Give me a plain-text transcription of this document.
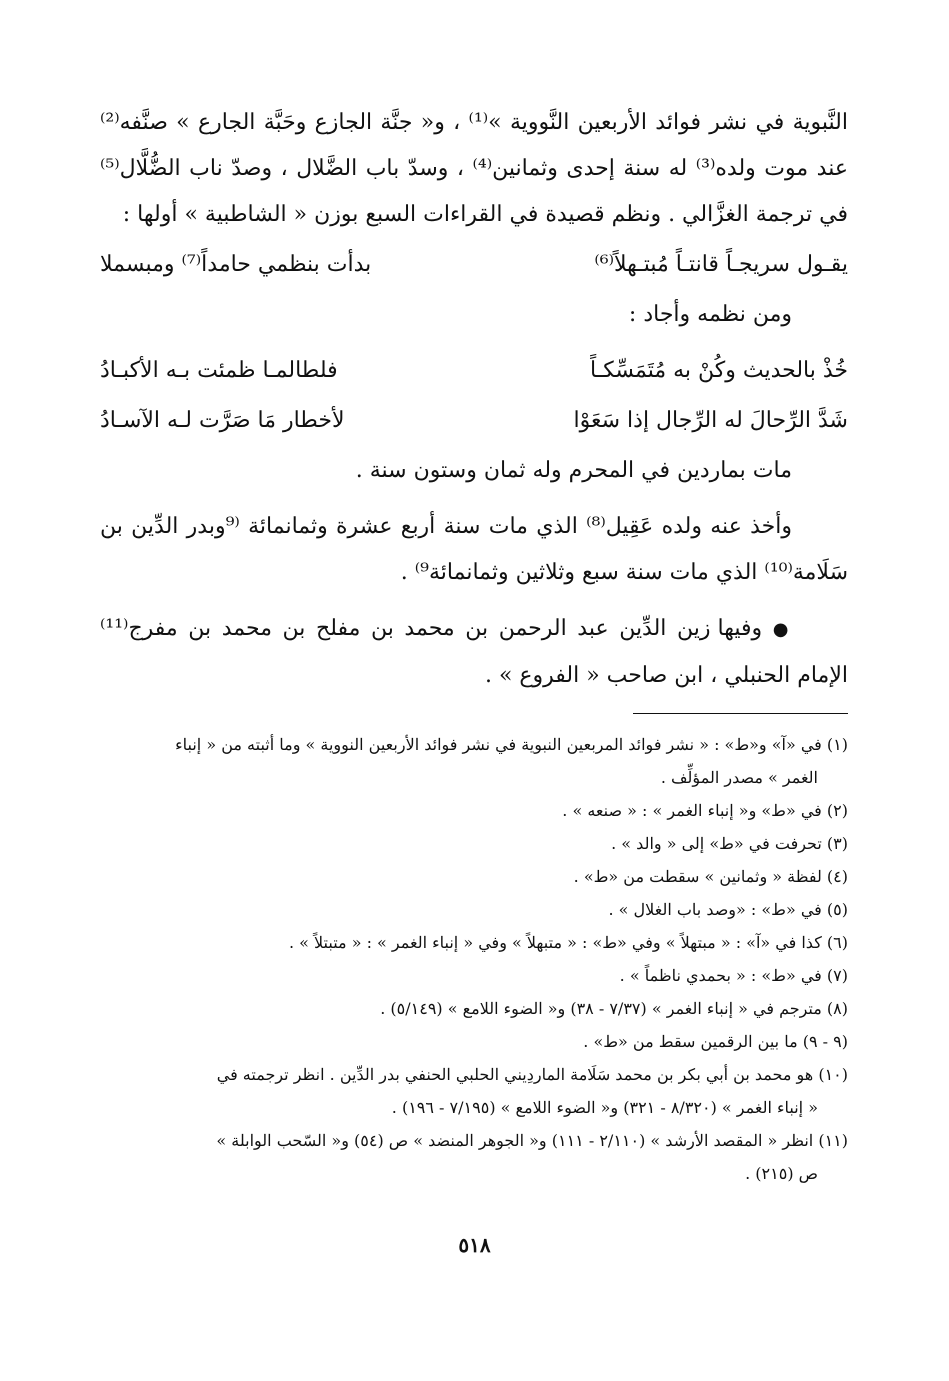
النَّبوية في نشر فوائد الأربعين النَّووية »⁽¹⁾ ، و« جنَّة الجازع وحَبَّة الجارع » صنَّفه⁽²⁾ عند موت ولده⁽³⁾ له سنة إحدى وثمانين⁽⁴⁾ ، وسدّ باب الضَّلال ، وصدّ ناب الضُّلَّال⁽⁵⁾ في ترجمة الغزَّالي . ونظم قصيدة في القراءات السبع بوزن « الشاطبية » أولها :

يقـول سريجـاً قانتـاً مُبتـهلاً⁽⁶⁾
بدأت بنظمي حامداً⁽⁷⁾ ومبسملا

ومن نظمه وأجاد :

خُذْ بالحديث وكُنْ به مُتَمَسِّكـاً
فلطالمـا ظمئت بـه الأكبـادُ
شَدَّ الرِّحالَ له الرِّجال إذا سَعَوْا
لأخطار مَا صَرَّت لـه الآسـادُ

مات بماردين في المحرم وله ثمان وستون سنة .

وأخذ عنه ولده عَقِيل⁽⁸⁾ الذي مات سنة أربع عشرة وثمانمائة ⁽⁹وبدر الدِّين بن سَلَامة⁽¹⁰⁾ الذي مات سنة سبع وثلاثين وثمانمائة⁹⁾ .

● وفيها زين الدِّين عبد الرحمن بن محمد بن مفلح بن محمد بن مفرج⁽¹¹⁾ الإمام الحنبلي ، ابن صاحب « الفروع » .

(١) في «آ» و«ط» : « نشر فوائد المربعين النبوية في نشر فوائد الأربعين النووية » وما أثبته من « إنباء
الغمر » مصدر المؤلِّف .

(٢) في «ط» و« إنباء الغمر » : « صنعه » .

(٣) تحرفت في «ط» إلى « والد » .

(٤) لفظة « وثمانين » سقطت من «ط» .

(٥) في «ط» : «وصد باب الغلال » .

(٦) كذا في «آ» : « مبتهلاً » وفي «ط» : « متبهلاً » وفي « إنباء الغمر » : « متبتلاً » .

(٧) في «ط» : « بحمدي ناظماً » .

(٨) مترجم في « إنباء الغمر » (٧/٣٧ - ٣٨) و« الضوء اللامع » (٥/١٤٩) .

(٩ - ٩) ما بين الرقمين سقط من «ط» .

(١٠) هو محمد بن أبي بكر بن محمد سَلَامة الماردِيني الحلبي الحنفي بدر الدِّين . انظر ترجمته في
« إنباء الغمر » (٨/٣٢٠ - ٣٢١) و« الضوء اللامع » (٧/١٩٥ - ١٩٦) .

(١١) انظر « المقصد الأرشد » (٢/١١٠ - ١١١) و« الجوهر المنضد » ص (٥٤) و« السّحب الوابلة »
ص (٢١٥) .

٥١٨
